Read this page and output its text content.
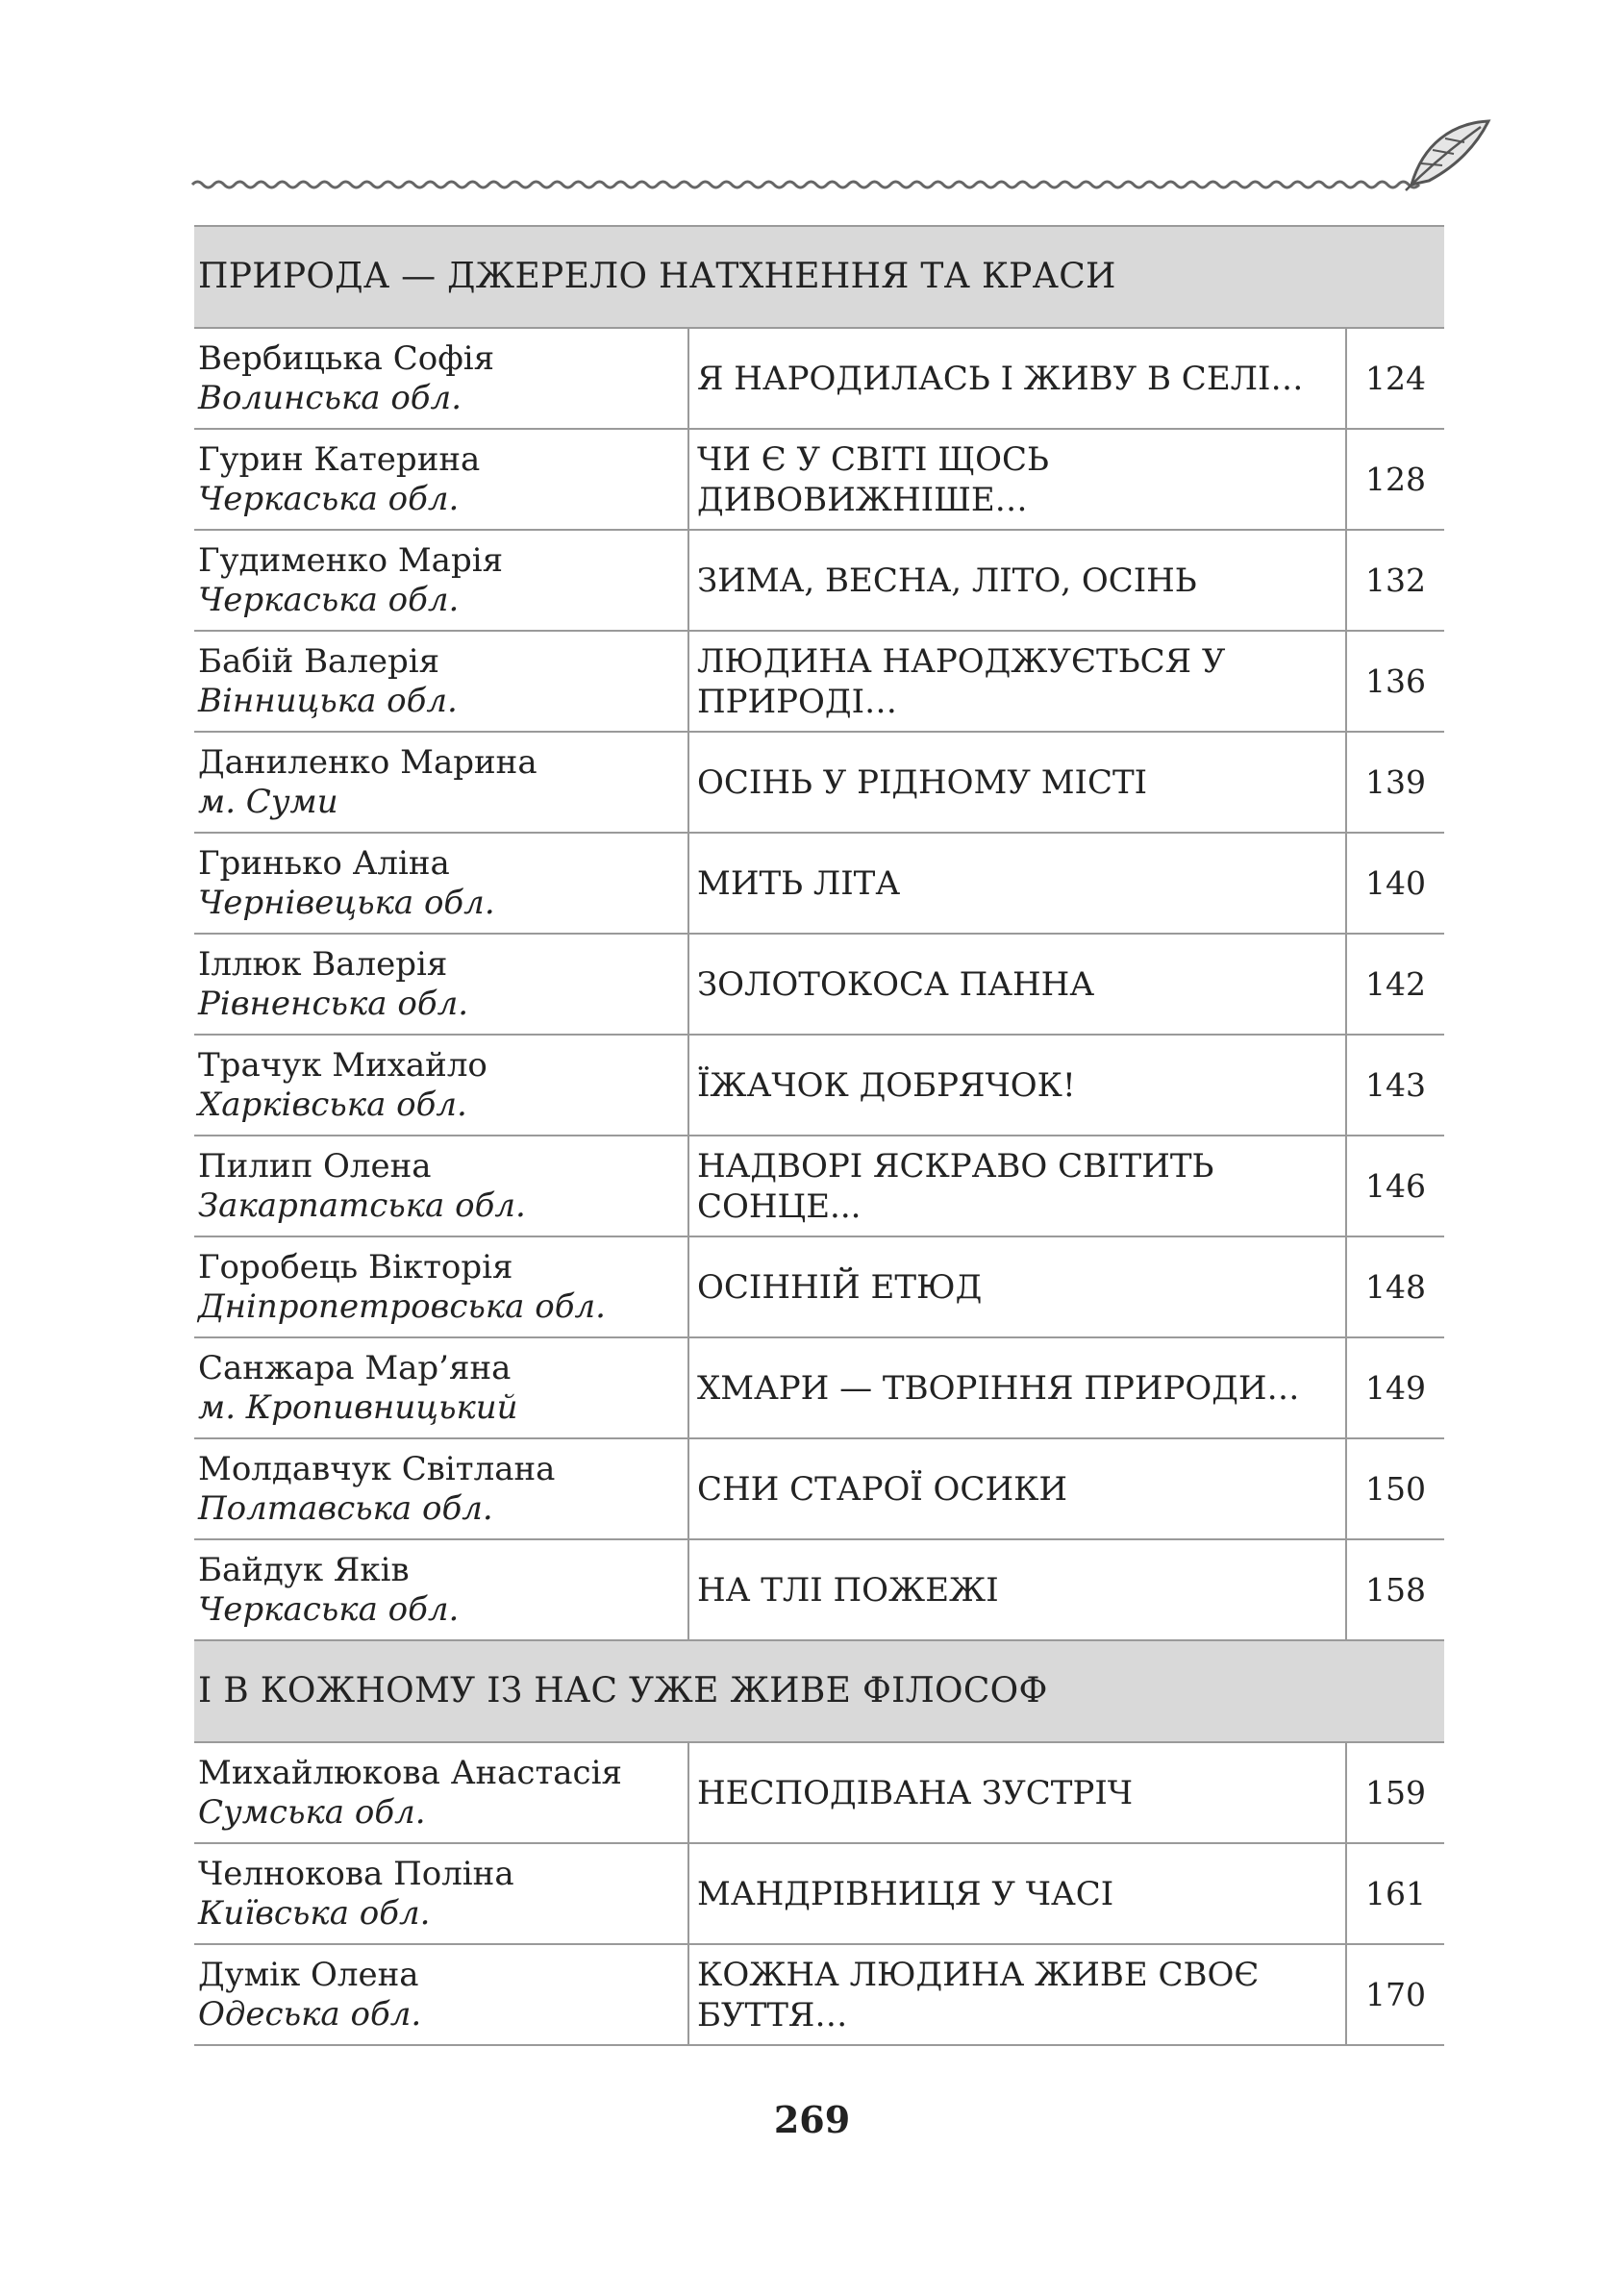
ПРИРОДА — ДЖЕРЕЛО НАТХНЕННЯ ТА КРАСИ		

Вербицька Софія
Волинська обл.	Я НАРОДИЛАСЬ І ЖИВУ В СЕЛІ…	124

Гурин Катерина
Черкаська обл.	ЧИ Є У СВІТІ ЩОСЬ ДИВОВИЖНІШЕ…	128

Гудименко Марія
Черкаська обл.	ЗИМА, ВЕСНА, ЛІТО, ОСІНЬ	132

Бабій Валерія
Вінницька обл.	ЛЮДИНА НАРОДЖУЄТЬСЯ У ПРИРОДІ…	136

Даниленко Марина
м. Суми	ОСІНЬ У РІДНОМУ МІСТІ	139

Гринько Аліна
Чернівецька обл.	МИТЬ ЛІТА	140

Іллюк Валерія
Рівненська обл.	ЗОЛОТОКОСА ПАННА	142

Трачук Михайло
Харківська обл.	ЇЖАЧОК ДОБРЯЧОК!	143

Пилип Олена
Закарпатська обл.	НАДВОРІ ЯСКРАВО СВІТИТЬ СОНЦЕ...	146

Горобець Вікторія
Дніпропетровська обл.	ОСІННІЙ ЕТЮД	148

Санжара Мар’яна
м. Кропивницький	ХМАРИ — ТВОРІННЯ ПРИРОДИ…	149

Молдавчук Світлана
Полтавська обл.	СНИ СТАРОЇ ОСИКИ	150

Байдук Яків
Черкаська обл.	НА ТЛІ ПОЖЕЖІ	158
І В КОЖНОМУ ІЗ НАС УЖЕ ЖИВЕ ФІЛОСОФ		

Михайлюкова Анастасія
Сумська обл.	НЕСПОДІВАНА ЗУСТРІЧ	159

Челнокова Поліна
Київська обл.	МАНДРІВНИЦЯ У ЧАСІ	161

Думік Олена
Одеська обл.	КОЖНА ЛЮДИНА ЖИВЕ СВОЄ БУТТЯ…	170
269
